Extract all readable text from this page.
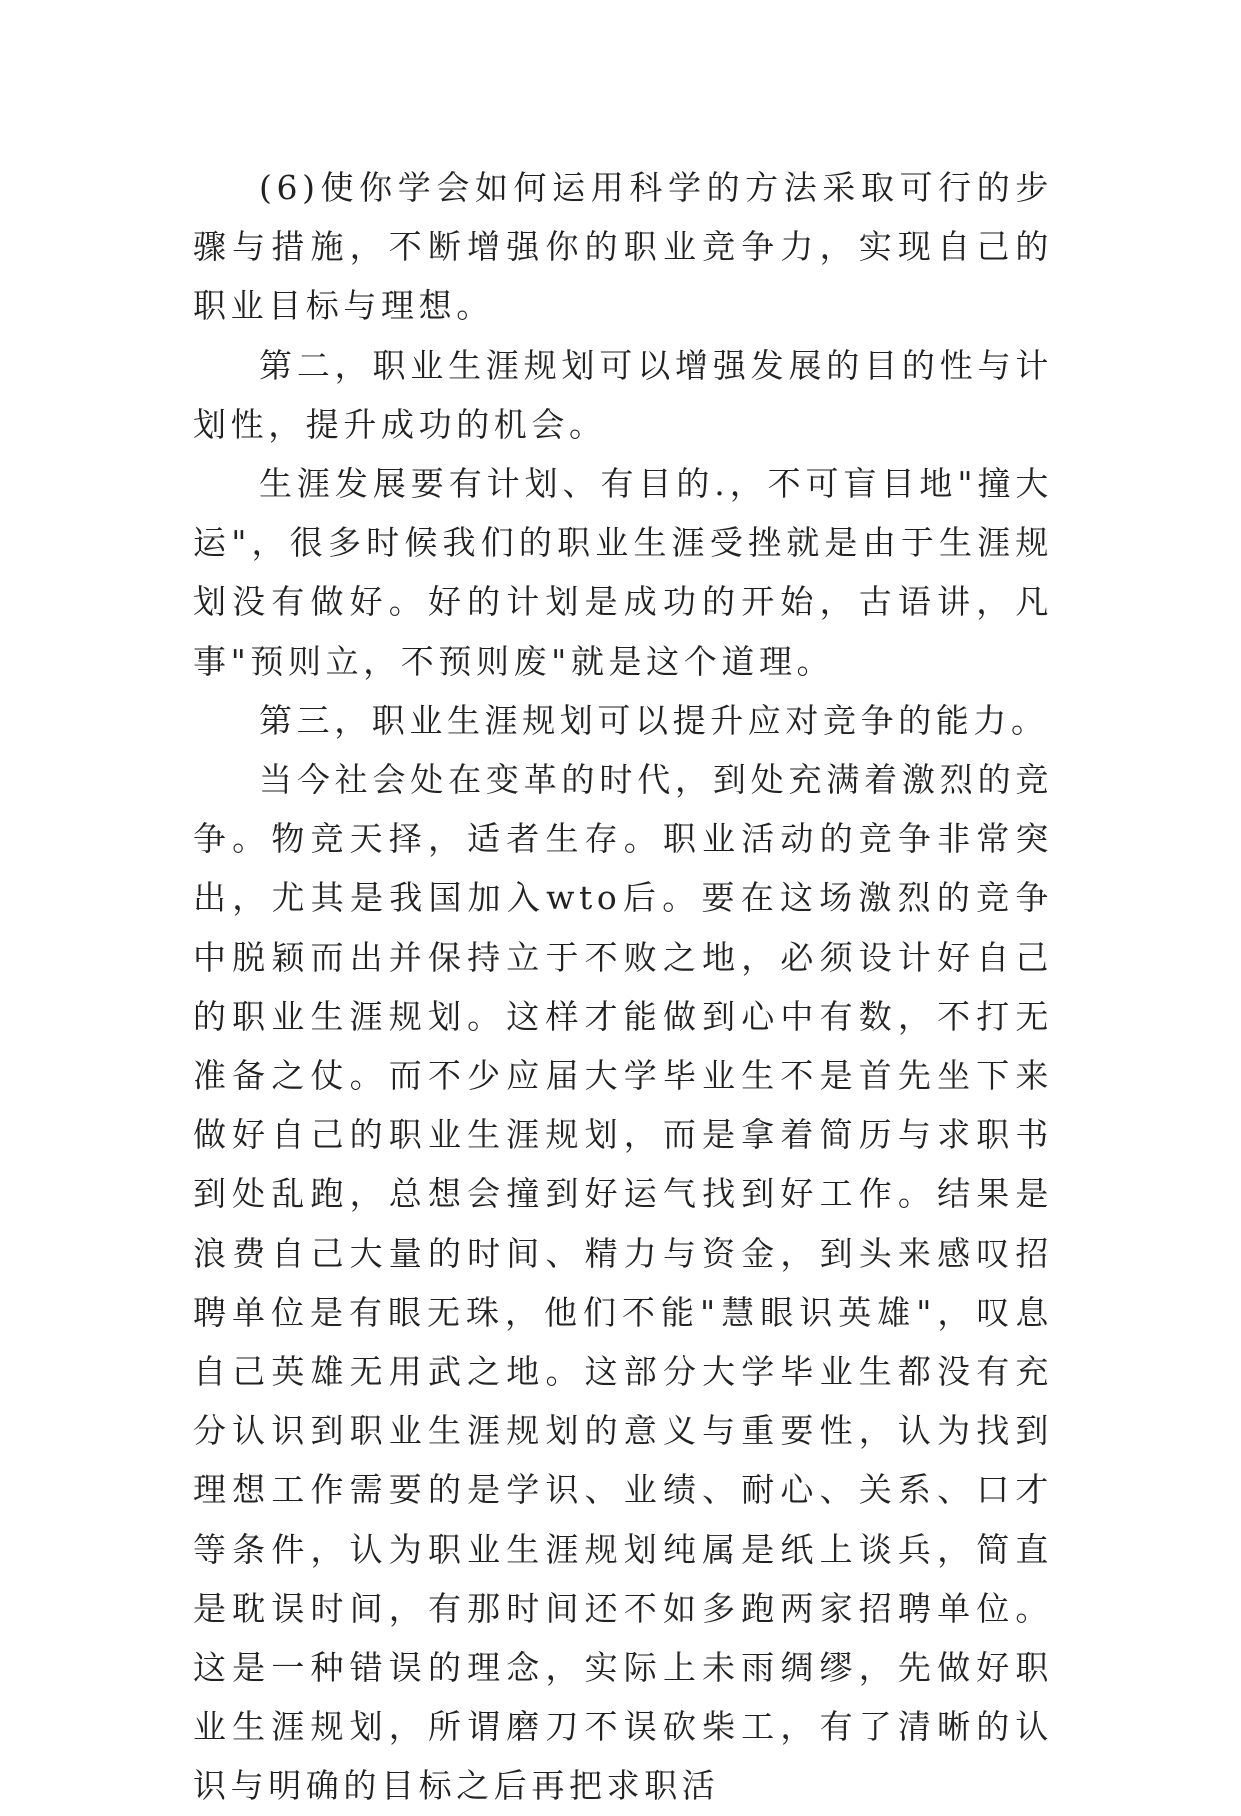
(6)使你学会如何运用科学的方法采取可行的步骤与措施，不断增强你的职业竞争力，实现自己的职业目标与理想。

第二，职业生涯规划可以增强发展的目的性与计划性，提升成功的机会。

生涯发展要有计划、有目的.，不可盲目地"撞大运"，很多时候我们的职业生涯受挫就是由于生涯规划没有做好。好的计划是成功的开始，古语讲，凡事"预则立，不预则废"就是这个道理。

第三，职业生涯规划可以提升应对竞争的能力。

当今社会处在变革的时代，到处充满着激烈的竞争。物竞天择，适者生存。职业活动的竞争非常突出，尤其是我国加入wto后。要在这场激烈的竞争中脱颖而出并保持立于不败之地，必须设计好自己的职业生涯规划。这样才能做到心中有数，不打无准备之仗。而不少应届大学毕业生不是首先坐下来做好自己的职业生涯规划，而是拿着简历与求职书到处乱跑，总想会撞到好运气找到好工作。结果是浪费自己大量的时间、精力与资金，到头来感叹招聘单位是有眼无珠，他们不能"慧眼识英雄"，叹息自己英雄无用武之地。这部分大学毕业生都没有充分认识到职业生涯规划的意义与重要性，认为找到理想工作需要的是学识、业绩、耐心、关系、口才等条件，认为职业生涯规划纯属是纸上谈兵，简直是耽误时间，有那时间还不如多跑两家招聘单位。这是一种错误的理念，实际上未雨绸缪，先做好职业生涯规划，所谓磨刀不误砍柴工，有了清晰的认识与明确的目标之后再把求职活
